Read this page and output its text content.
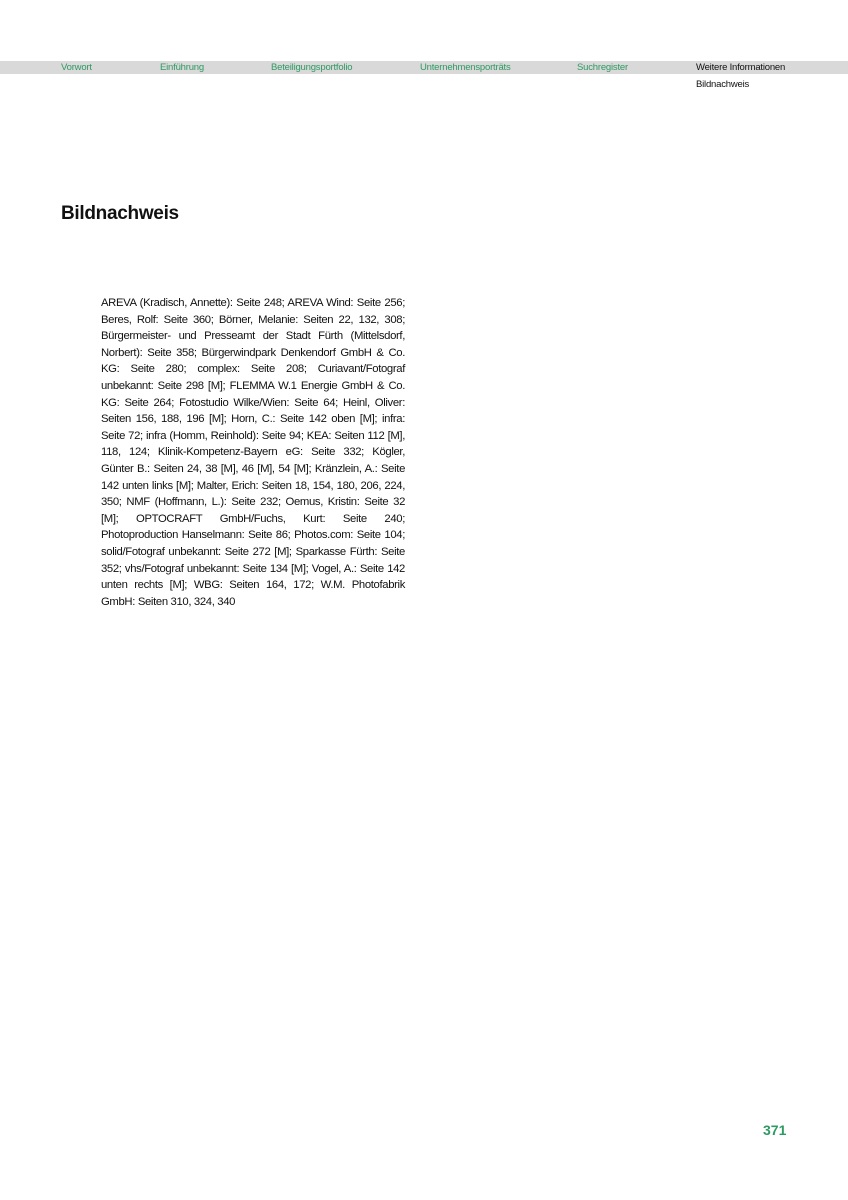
Vorwort	Einführung	Beteiligungsportfolio	Unternehmensporträts	Suchregister	Weitere Informationen
Bildnachweis
Bildnachweis

AREVA (Kradisch, Annette): Seite 248; AREVA Wind: Seite 256; Beres, Rolf: Seite 360; Börner, Melanie: Seiten 22, 132, 308; Bürgermeister- und Presseamt der Stadt Fürth (Mittelsdorf, Norbert): Seite 358; Bürgerwindpark Denkendorf GmbH & Co. KG: Seite 280; complex: Seite 208; Curiavant/Fotograf unbekannt: Seite 298 [M]; FLEMMA W.1 Energie GmbH & Co. KG: Seite 264; Fotostudio Wilke/Wien: Seite 64; Heinl, Oliver: Seiten 156, 188, 196 [M]; Horn, C.: Seite 142 oben [M]; infra: Seite 72; infra (Homm, Reinhold): Seite 94; KEA: Seiten 112 [M], 118, 124; Klinik-Kompetenz-Bayern eG: Seite 332; Kögler, Günter B.: Seiten 24, 38 [M], 46 [M], 54 [M]; Kränzlein, A.: Seite 142 unten links [M]; Malter, Erich: Seiten 18, 154, 180, 206, 224, 350; NMF (Hoffmann, L.): Seite 232; Oemus, Kristin: Seite 32 [M]; OPTOCRAFT GmbH/Fuchs, Kurt: Seite 240; Photoproduction Hanselmann: Seite 86; Photos.com: Seite 104; solid/Fotograf unbekannt: Seite 272 [M]; Sparkasse Fürth: Seite 352; vhs/Fotograf unbekannt: Seite 134 [M]; Vogel, A.: Seite 142 unten rechts [M]; WBG: Seiten 164, 172; W.M. Photofabrik GmbH: Seiten 310, 324, 340

371
